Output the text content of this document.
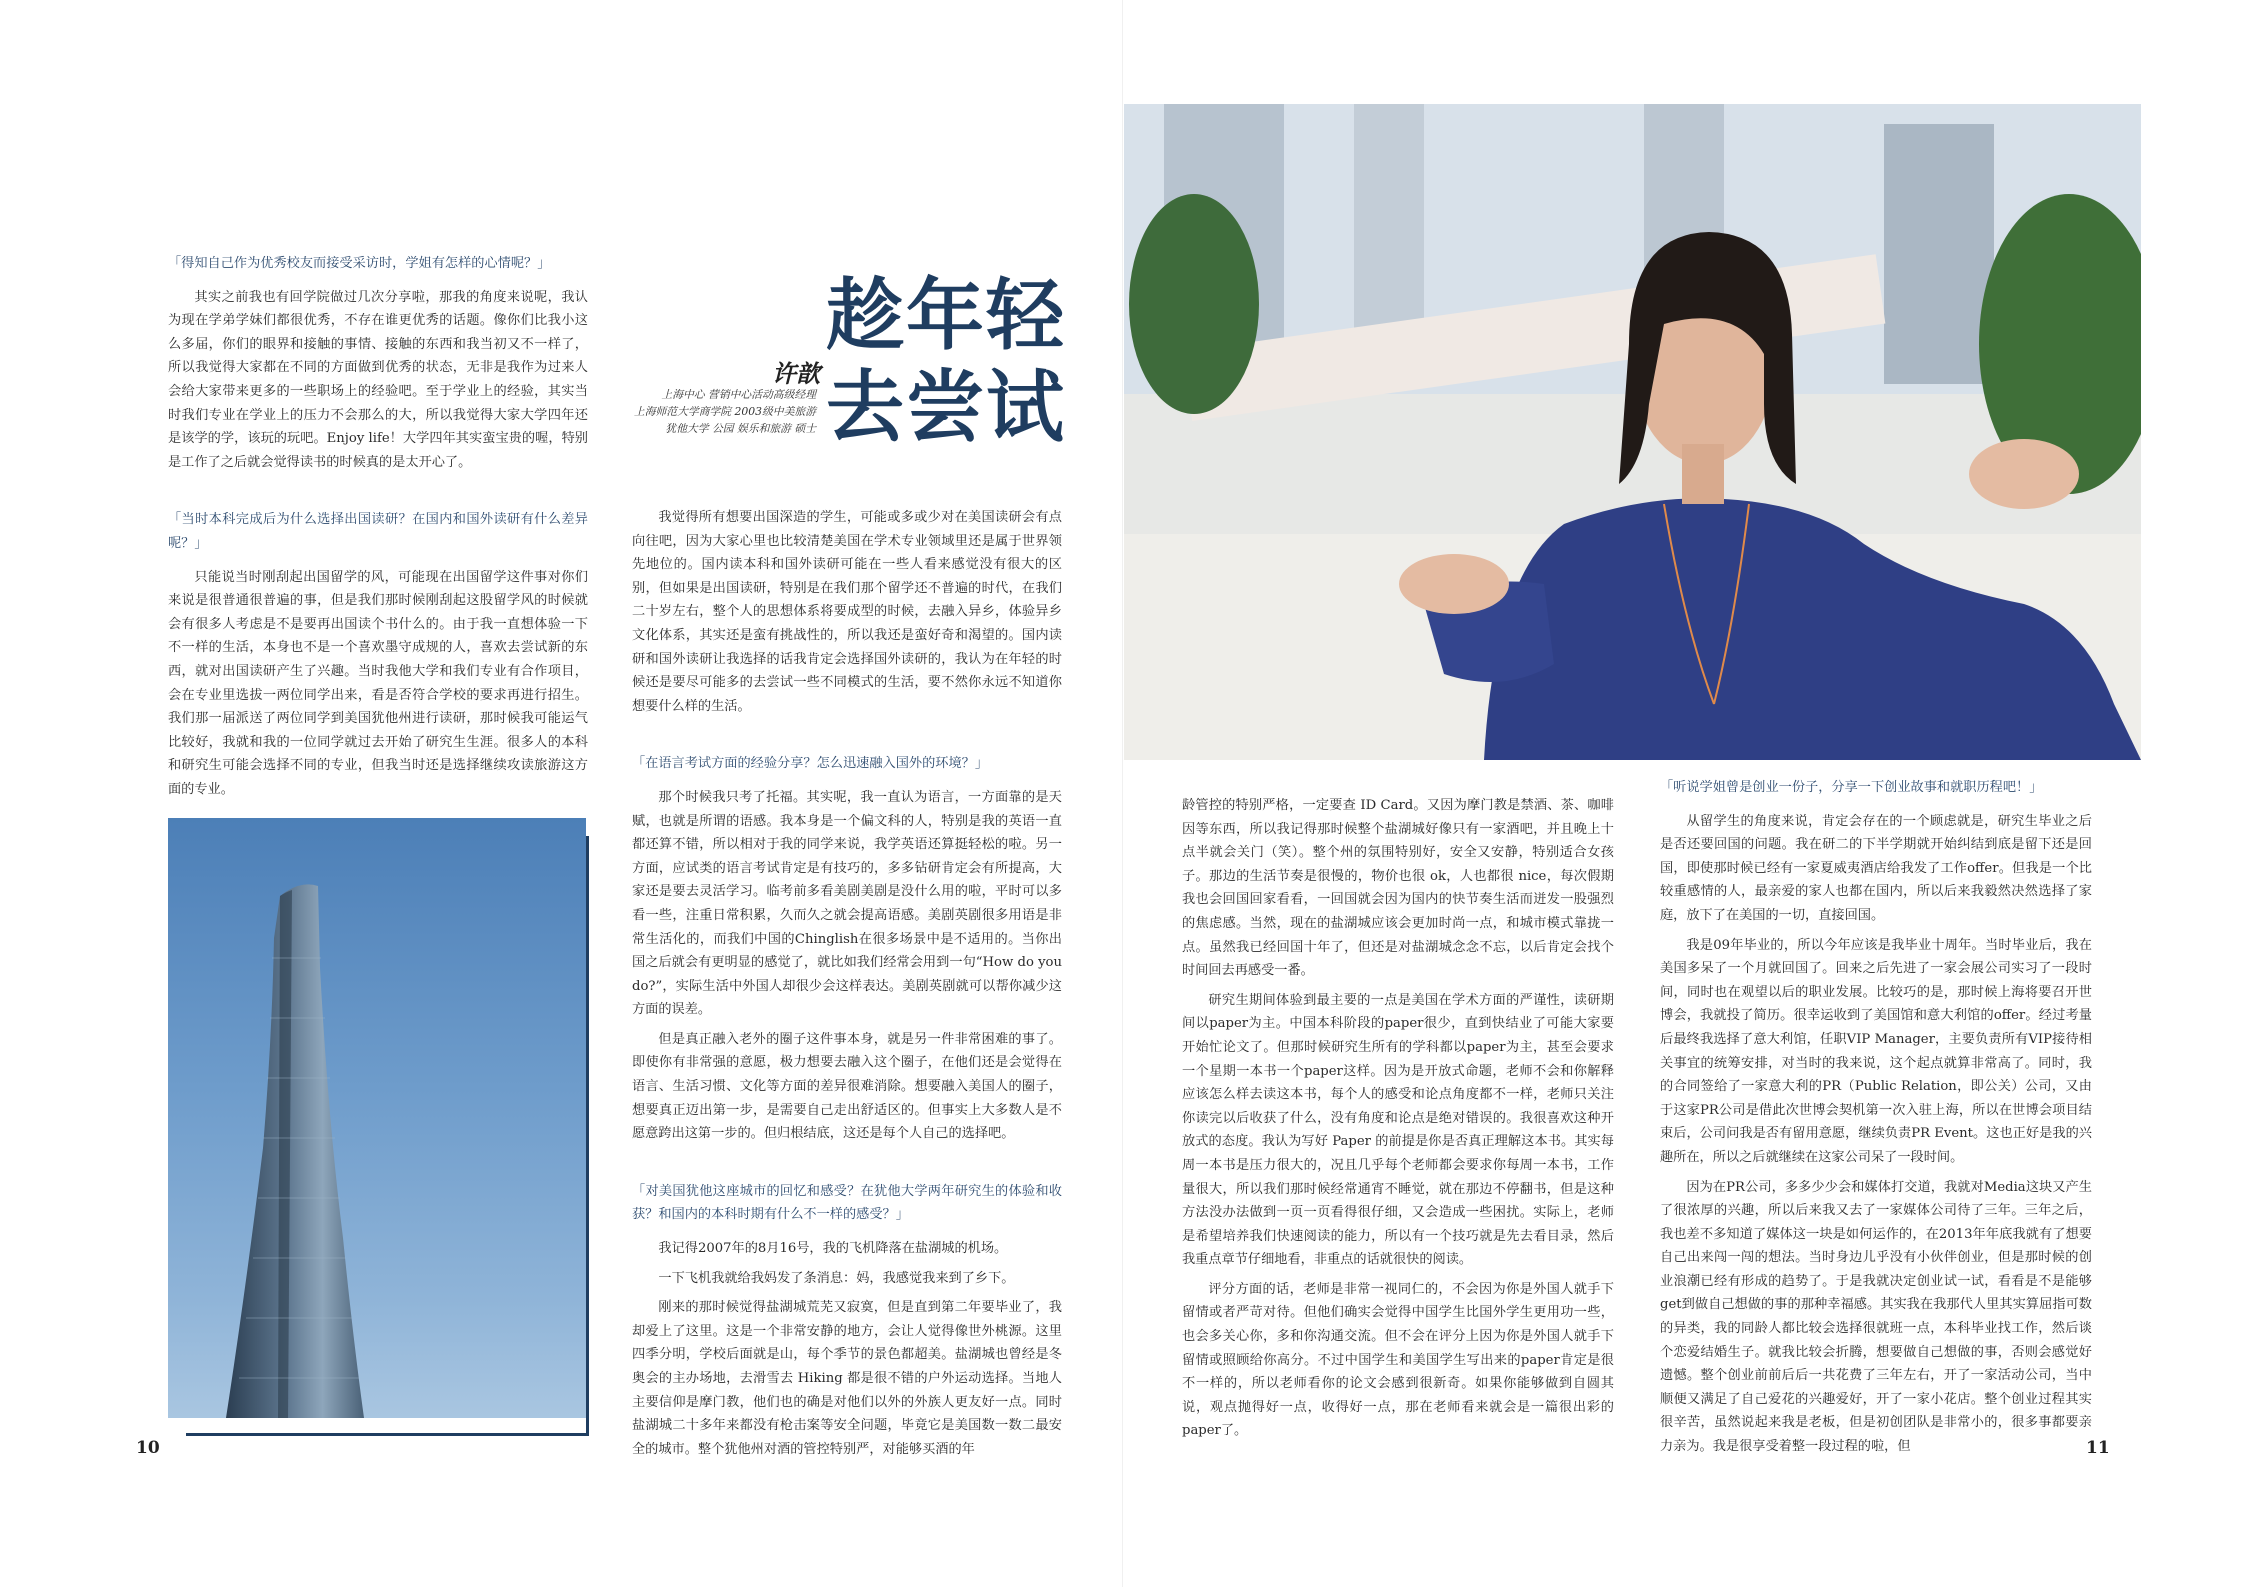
「得知自己作为优秀校友而接受采访时，学姐有怎样的心情呢？」
其实之前我也有回学院做过几次分享啦，那我的角度来说呢，我认为现在学弟学妹们都很优秀，不存在谁更优秀的话题。像你们比我小这么多届，你们的眼界和接触的事情、接触的东西和我当初又不一样了，所以我觉得大家都在不同的方面做到优秀的状态，无非是我作为过来人会给大家带来更多的一些职场上的经验吧。至于学业上的经验，其实当时我们专业在学业上的压力不会那么的大，所以我觉得大家大学四年还是该学的学，该玩的玩吧。Enjoy life！大学四年其实蛮宝贵的喔，特别是工作了之后就会觉得读书的时候真的是太开心了。
「当时本科完成后为什么选择出国读研？在国内和国外读研有什么差异呢？」
只能说当时刚刮起出国留学的风，可能现在出国留学这件事对你们来说是很普通很普遍的事，但是我们那时候刚刮起这股留学风的时候就会有很多人考虑是不是要再出国读个书什么的。由于我一直想体验一下不一样的生活，本身也不是一个喜欢墨守成规的人，喜欢去尝试新的东西，就对出国读研产生了兴趣。当时我他大学和我们专业有合作项目，会在专业里选拔一两位同学出来，看是否符合学校的要求再进行招生。我们那一届派送了两位同学到美国犹他州进行读研，那时候我可能运气比较好，我就和我的一位同学就过去开始了研究生生涯。很多人的本科和研究生可能会选择不同的专业，但我当时还是选择继续攻读旅游这方面的专业。
趁年轻
去尝试
许歆
上海中心 营销中心活动高级经理
上海师范大学商学院 2003级中美旅游
犹他大学 公园 娱乐和旅游 硕士
我觉得所有想要出国深造的学生，可能或多或少对在美国读研会有点向往吧，因为大家心里也比较清楚美国在学术专业领域里还是属于世界领先地位的。国内读本科和国外读研可能在一些人看来感觉没有很大的区别，但如果是出国读研，特别是在我们那个留学还不普遍的时代，在我们二十岁左右，整个人的思想体系将要成型的时候，去融入异乡，体验异乡文化体系，其实还是蛮有挑战性的，所以我还是蛮好奇和渴望的。国内读研和国外读研让我选择的话我肯定会选择国外读研的，我认为在年轻的时候还是要尽可能多的去尝试一些不同模式的生活，要不然你永远不知道你想要什么样的生活。
「在语言考试方面的经验分享？怎么迅速融入国外的环境？」
那个时候我只考了托福。其实呢，我一直认为语言，一方面靠的是天赋，也就是所谓的语感。我本身是一个偏文科的人，特别是我的英语一直都还算不错，所以相对于我的同学来说，我学英语还算挺轻松的啦。另一方面，应试类的语言考试肯定是有技巧的，多多钻研肯定会有所提高，大家还是要去灵活学习。临考前多看美剧美剧是没什么用的啦，平时可以多看一些，注重日常积累，久而久之就会提高语感。美剧英剧很多用语是非常生活化的，而我们中国的Chinglish在很多场景中是不适用的。当你出国之后就会有更明显的感觉了，就比如我们经常会用到一句“How do you do?”，实际生活中外国人却很少会这样表达。美剧英剧就可以帮你减少这方面的误差。
但是真正融入老外的圈子这件事本身，就是另一件非常困难的事了。即使你有非常强的意愿，极力想要去融入这个圈子，在他们还是会觉得在语言、生活习惯、文化等方面的差异很难消除。想要融入美国人的圈子，想要真正迈出第一步，是需要自己走出舒适区的。但事实上大多数人是不愿意跨出这第一步的。但归根结底，这还是每个人自己的选择吧。
「对美国犹他这座城市的回忆和感受？在犹他大学两年研究生的体验和收获？和国内的本科时期有什么不一样的感受？」
我记得2007年的8月16号，我的飞机降落在盐湖城的机场。
一下飞机我就给我妈发了条消息：妈，我感觉我来到了乡下。
刚来的那时候觉得盐湖城荒芜又寂寞，但是直到第二年要毕业了，我却爱上了这里。这是一个非常安静的地方，会让人觉得像世外桃源。这里四季分明，学校后面就是山，每个季节的景色都超美。盐湖城也曾经是冬奥会的主办场地，去滑雪去 Hiking 都是很不错的户外运动选择。当地人主要信仰是摩门教，他们也的确是对他们以外的外族人更友好一点。同时盐湖城二十多年来都没有枪击案等安全问题，毕竟它是美国数一数二最安全的城市。整个犹他州对酒的管控特别严，对能够买酒的年
龄管控的特别严格，一定要查 ID Card。又因为摩门教是禁酒、茶、咖啡因等东西，所以我记得那时候整个盐湖城好像只有一家酒吧，并且晚上十点半就会关门（笑）。整个州的氛围特别好，安全又安静，特别适合女孩子。那边的生活节奏是很慢的，物价也很 ok，人也都很 nice，每次假期我也会回国回家看看，一回国就会因为国内的快节奏生活而迸发一股强烈的焦虑感。当然，现在的盐湖城应该会更加时尚一点，和城市模式靠拢一点。虽然我已经回国十年了，但还是对盐湖城念念不忘，以后肯定会找个时间回去再感受一番。
研究生期间体验到最主要的一点是美国在学术方面的严谨性，读研期间以paper为主。中国本科阶段的paper很少，直到快结业了可能大家要开始忙论文了。但那时候研究生所有的学科都以paper为主，甚至会要求一个星期一本书一个paper这样。因为是开放式命题，老师不会和你解释应该怎么样去读这本书，每个人的感受和论点角度都不一样，老师只关注你读完以后收获了什么，没有角度和论点是绝对错误的。我很喜欢这种开放式的态度。我认为写好 Paper 的前提是你是否真正理解这本书。其实每周一本书是压力很大的，况且几乎每个老师都会要求你每周一本书，工作量很大，所以我们那时候经常通宵不睡觉，就在那边不停翻书，但是这种方法没办法做到一页一页看得很仔细，又会造成一些困扰。实际上，老师是希望培养我们快速阅读的能力，所以有一个技巧就是先去看目录，然后我重点章节仔细地看，非重点的话就很快的阅读。
评分方面的话，老师是非常一视同仁的，不会因为你是外国人就手下留情或者严苛对待。但他们确实会觉得中国学生比国外学生更用功一些，也会多关心你，多和你沟通交流。但不会在评分上因为你是外国人就手下留情或照顾给你高分。不过中国学生和美国学生写出来的paper肯定是很不一样的，所以老师看你的论文会感到很新奇。如果你能够做到自圆其说，观点抛得好一点，收得好一点，那在老师看来就会是一篇很出彩的paper了。
「听说学姐曾是创业一份子，分享一下创业故事和就职历程吧！」
从留学生的角度来说，肯定会存在的一个顾虑就是，研究生毕业之后是否还要回国的问题。我在研二的下半学期就开始纠结到底是留下还是回国，即使那时候已经有一家夏威夷酒店给我发了工作offer。但我是一个比较重感情的人，最亲爱的家人也都在国内，所以后来我毅然决然选择了家庭，放下了在美国的一切，直接回国。
我是09年毕业的，所以今年应该是我毕业十周年。当时毕业后，我在美国多呆了一个月就回国了。回来之后先进了一家会展公司实习了一段时间，同时也在观望以后的职业发展。比较巧的是，那时候上海将要召开世博会，我就投了简历。很幸运收到了美国馆和意大利馆的offer。经过考量后最终我选择了意大利馆，任职VIP Manager，主要负责所有VIP接待相关事宜的统筹安排，对当时的我来说，这个起点就算非常高了。同时，我的合同签给了一家意大利的PR（Public Relation，即公关）公司，又由于这家PR公司是借此次世博会契机第一次入驻上海，所以在世博会项目结束后，公司问我是否有留用意愿，继续负责PR Event。这也正好是我的兴趣所在，所以之后就继续在这家公司呆了一段时间。
因为在PR公司，多多少少会和媒体打交道，我就对Media这块又产生了很浓厚的兴趣，所以后来我又去了一家媒体公司待了三年。三年之后，我也差不多知道了媒体这一块是如何运作的，在2013年年底我就有了想要自己出来闯一闯的想法。当时身边儿乎没有小伙伴创业，但是那时候的创业浪潮已经有形成的趋势了。于是我就决定创业试一试，看看是不是能够get到做自己想做的事的那种幸福感。其实我在我那代人里其实算屈指可数的异类，我的同龄人都比较会选择很就班一点，本科毕业找工作，然后谈个恋爱结婚生子。就我比较会折腾，想要做自己想做的事，否则会感觉好遗憾。整个创业前前后后一共花费了三年左右，开了一家活动公司，当中顺便又满足了自己爱花的兴趣爱好，开了一家小花店。整个创业过程其实很辛苦，虽然说起来我是老板，但是初创团队是非常小的，很多事都要亲力亲为。我是很享受着整一段过程的啦，但
10	11
